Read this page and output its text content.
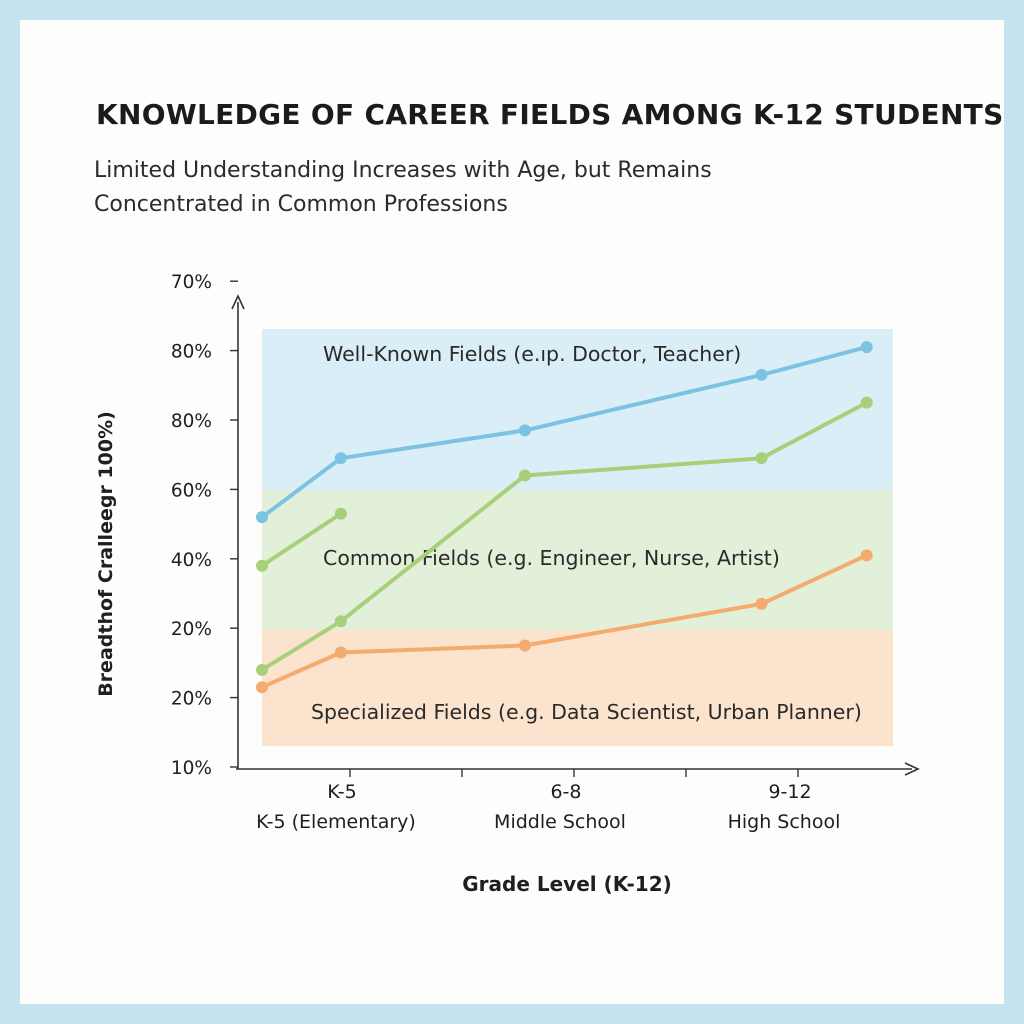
KNOWLEDGE OF CAREER FIELDS AMONG K-12 STUDENTS

Limited Understanding Increases with Age, but Remains
Concentrated in Common Professions

Well-Known Fields (e.ıp. Doctor, Teacher)
Common Fields (e.g. Engineer, Nurse, Artist)
Specialized Fields (e.g. Data Scientist, Urban Planner)
10%
20%
20%
40%
60%
80%
80%
70%
K-5
K-5 (Elementary)
6-8
Middle School
9-12
High School
Grade Level (K-12)
Breadthof Cralleegr 100%)
